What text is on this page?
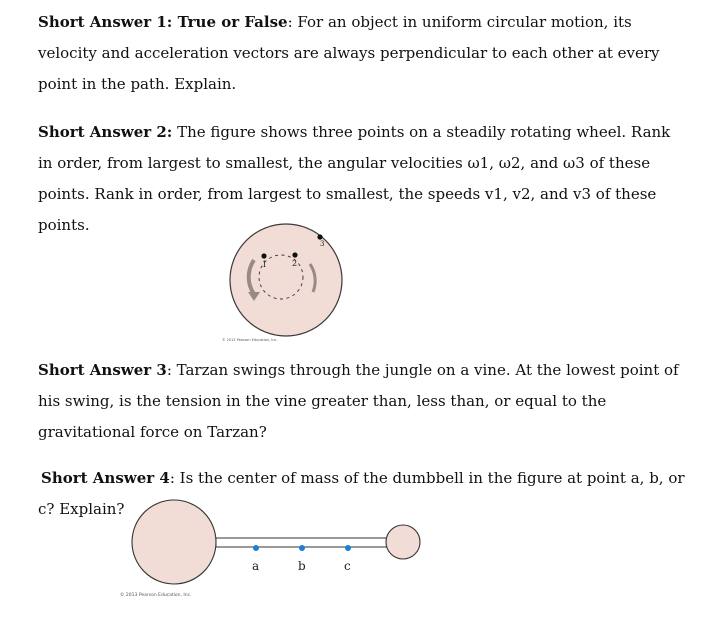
Short Answer 1: True or False: For an object in uniform circular motion, its
velocity and acceleration vectors are always perpendicular to each other at every
point in the path. Explain.
Short Answer 2: The figure shows three points on a steadily rotating wheel. Rank
in order, from largest to smallest, the angular velocities ω1, ω2, and ω3 of these
points. Rank in order, from largest to smallest, the speeds v1, v2, and v3 of these
points.
1	2
3
© 2013 Pearson Education, Inc.
Short Answer 3: Tarzan swings through the jungle on a vine. At the lowest point of
his swing, is the tension in the vine greater than, less than, or equal to the
gravitational force on Tarzan?
Short Answer 4: Is the center of mass of the dumbbell in the figure at point a, b, or
c? Explain?
a	b	c
© 2013 Pearson Education, Inc.
